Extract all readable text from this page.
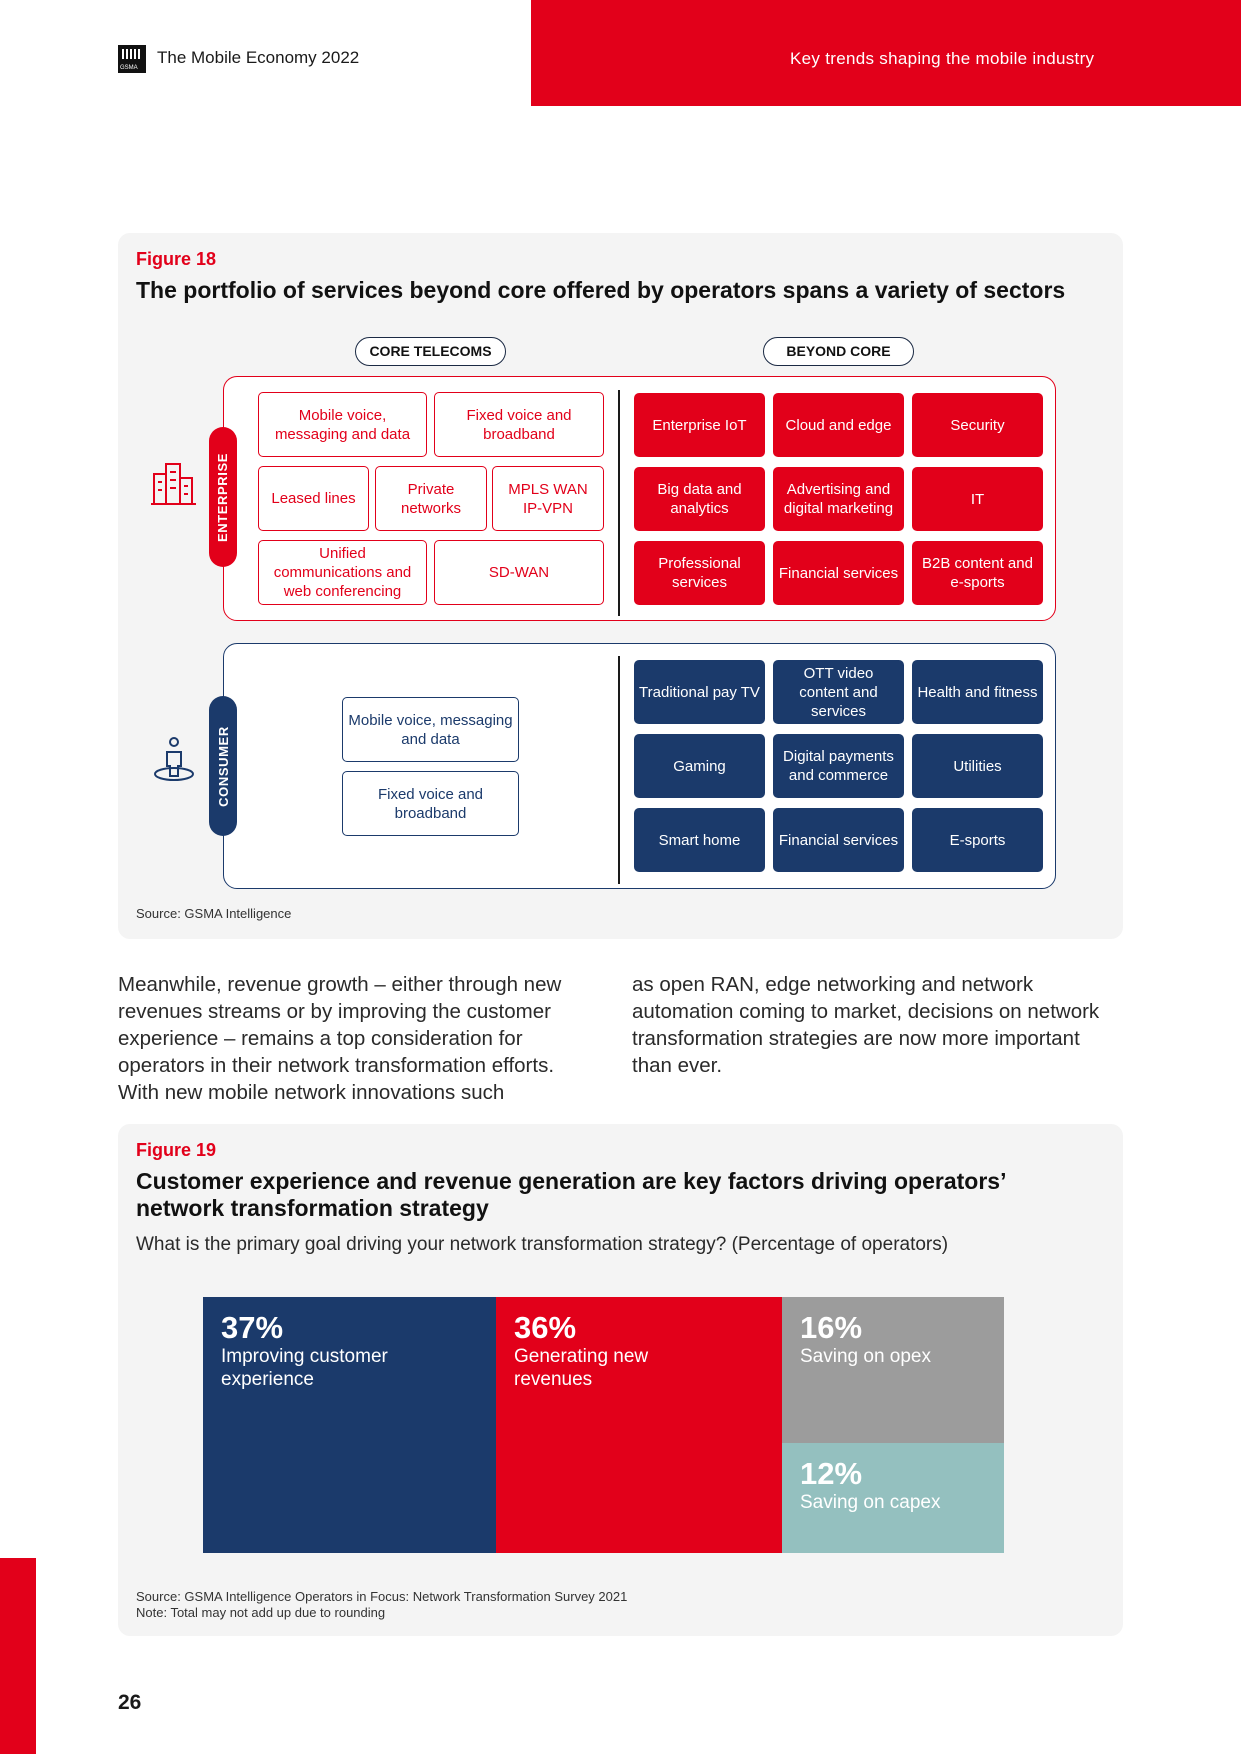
GSMA
The Mobile Economy 2022	Key trends shaping the mobile industry
Figure 18
The portfolio of services beyond core offered by operators spans a variety of sectors
CORE TELECOMS	BEYOND CORE
ENTERPRISE
Mobile voice, messaging and data
Fixed voice and broadband
Leased lines
Private networks
MPLS WAN IP-VPN
Unified communications and web conferencing
SD-WAN
Enterprise IoT	Cloud and edge	Security
Big data and analytics
Advertising and digital marketing
IT
Professional services
Financial services
B2B content and e-sports
CONSUMER
Mobile voice, messaging and data
Fixed voice and broadband
Traditional pay TV
OTT video content and services
Health and fitness
Gaming
Digital payments and commerce
Utilities
Smart home	Financial services	E-sports
Source: GSMA Intelligence
Meanwhile, revenue growth – either through new revenues streams or by improving the customer experience – remains a top consideration for operators in their network transformation efforts. With new mobile network innovations such
as open RAN, edge networking and network automation coming to market, decisions on network transformation strategies are now more important than ever.
Figure 19
Customer experience and revenue generation are key factors driving operators’ network transformation strategy
What is the primary goal driving your network transformation strategy? (Percentage of operators)
37%
Improving customer experience
36%
Generating new revenues
16%
Saving on opex
12%
Saving on capex
Source: GSMA Intelligence Operators in Focus: Network Transformation Survey 2021
Note: Total may not add up due to rounding
26
